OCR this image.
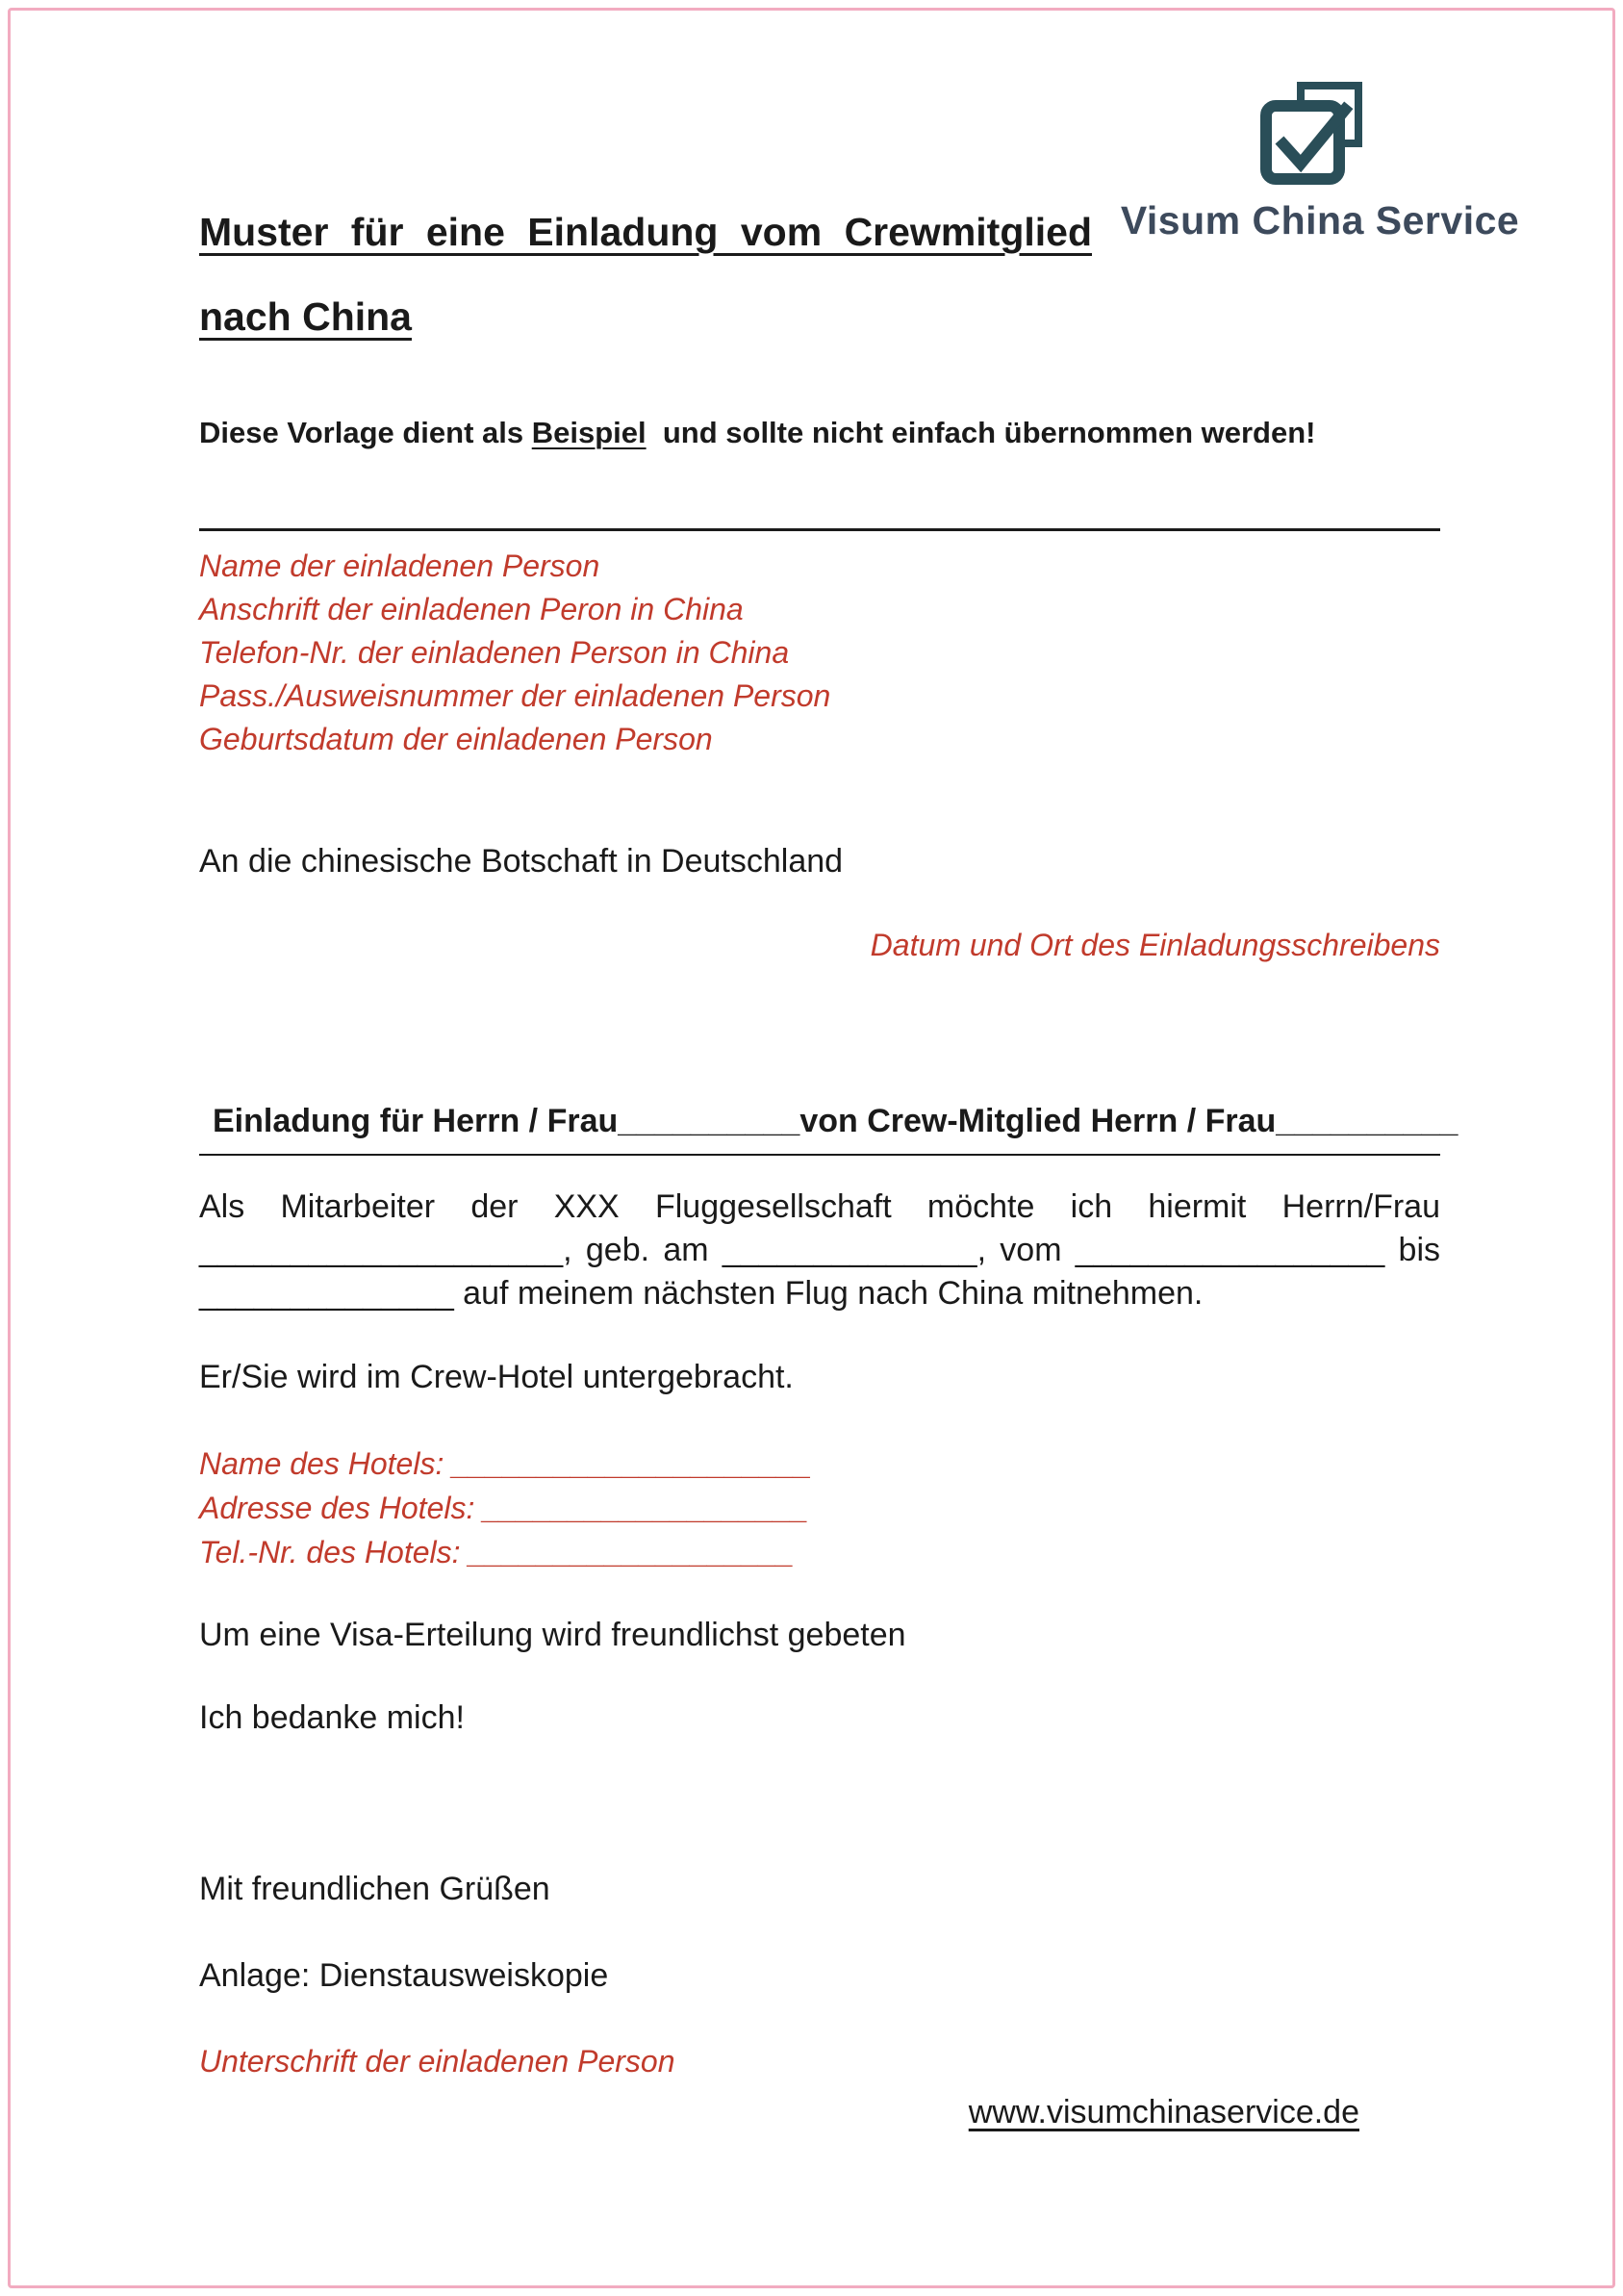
Visum China Service
Muster für eine Einladung vom Crewmitglied
nach China
Diese Vorlage dient als Beispiel  und sollte nicht einfach übernommen werden!
Name der einladenen Person
Anschrift der einladenen Peron in China
Telefon-Nr. der einladenen Person in China
Pass./Ausweisnummer der einladenen Person
Geburtsdatum der einladenen Person
An die chinesische Botschaft in Deutschland
Datum und Ort des Einladungsschreibens
Einladung für Herrn / Frau__________von Crew-Mitglied Herrn / Frau__________
Als Mitarbeiter der XXX Fluggesellschaft möchte ich hiermit Herrn/Frau
____________________, geb. am ______________, vom _________________ bis
______________ auf meinem nächsten Flug nach China mitnehmen.
Er/Sie wird im Crew-Hotel untergebracht.
Name des Hotels: _____________________
Adresse des Hotels: ___________________
Tel.-Nr. des Hotels: ___________________
Um eine Visa-Erteilung wird freundlichst gebeten
Ich bedanke mich!
Mit freundlichen Grüßen
Anlage: Dienstausweiskopie
Unterschrift der einladenen Person
www.visumchinaservice.de
